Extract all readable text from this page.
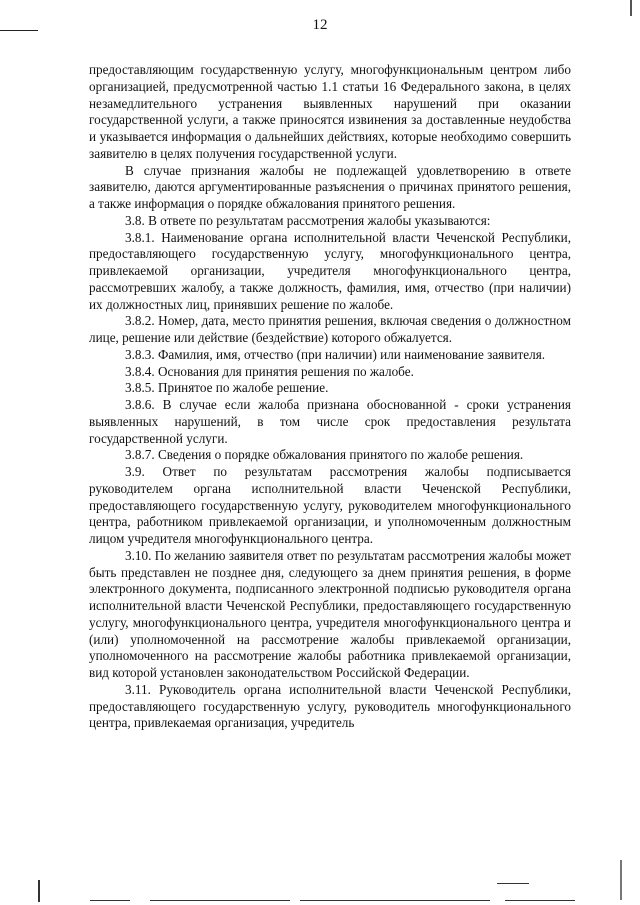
12

предоставляющим государственную услугу, многофункциональным центром либо организацией, предусмотренной частью 1.1 статьи 16 Федерального закона, в целях незамедлительного устранения выявленных нарушений при оказании государственной услуги, а также приносятся извинения за доставленные неудобства и указывается информация о дальнейших действиях, которые необходимо совершить заявителю в целях получения государственной услуги.

В случае признания жалобы не подлежащей удовлетворению в ответе заявителю, даются аргументированные разъяснения о причинах принятого решения, а также информация о порядке обжалования принятого решения.

3.8. В ответе по результатам рассмотрения жалобы указываются:

3.8.1. Наименование органа исполнительной власти Чеченской Республики, предоставляющего государственную услугу, многофункционального центра, привлекаемой организации, учредителя многофункционального центра, рассмотревших жалобу, а также должность, фамилия, имя, отчество (при наличии) их должностных лиц, принявших решение по жалобе.

3.8.2. Номер, дата, место принятия решения, включая сведения о должностном лице, решение или действие (бездействие) которого обжалуется.

3.8.3. Фамилия, имя, отчество (при наличии) или наименование заявителя.

3.8.4. Основания для принятия решения по жалобе.

3.8.5. Принятое по жалобе решение.

3.8.6. В случае если жалоба признана обоснованной - сроки устранения выявленных нарушений, в том числе срок предоставления результата государственной услуги.

3.8.7. Сведения о порядке обжалования принятого по жалобе решения.

3.9. Ответ по результатам рассмотрения жалобы подписывается руководителем органа исполнительной власти Чеченской Республики, предоставляющего государственную услугу, руководителем многофункционального центра, работником привлекаемой организации, и уполномоченным должностным лицом учредителя многофункционального центра.

3.10. По желанию заявителя ответ по результатам рассмотрения жалобы может быть представлен не позднее дня, следующего за днем принятия решения, в форме электронного документа, подписанного электронной подписью руководителя органа исполнительной власти Чеченской Республики, предоставляющего государственную услугу, многофункционального центра, учредителя многофункционального центра и (или) уполномоченной на рассмотрение жалобы привлекаемой организации, уполномоченного на рассмотрение жалобы работника привлекаемой организации, вид которой установлен законодательством Российской Федерации.

3.11. Руководитель органа исполнительной власти Чеченской Республики, предоставляющего государственную услугу, руководитель многофункционального центра, привлекаемая организация, учредитель
